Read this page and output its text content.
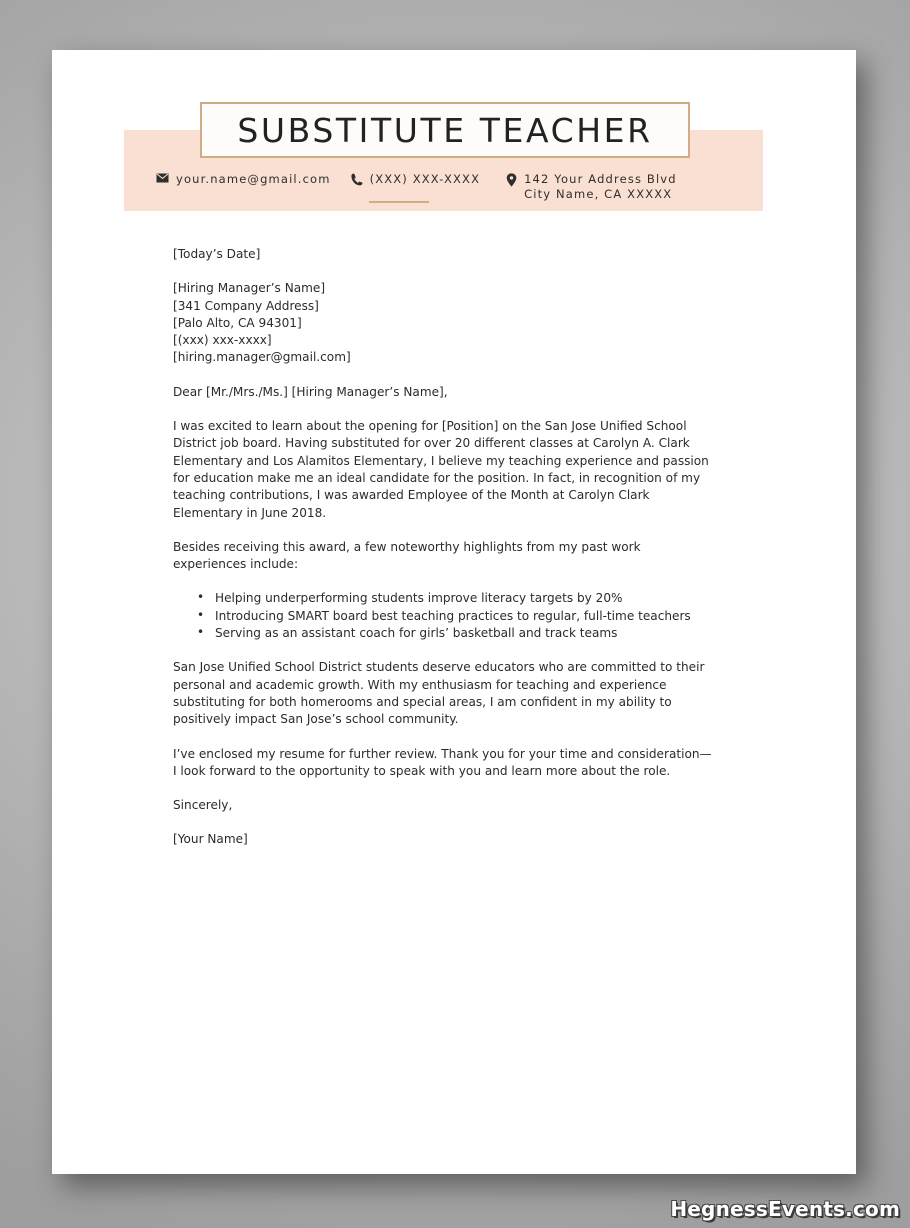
SUBSTITUTE TEACHER
your.name@gmail.com	(XXX) XXX-XXXX	142 Your Address Blvd
City Name, CA XXXXX

[Today’s Date]

[Hiring Manager’s Name]
[341 Company Address]
[Palo Alto, CA 94301]
[(xxx) xxx-xxxx]
[hiring.manager@gmail.com]

Dear [Mr./Mrs./Ms.] [Hiring Manager’s Name],

I was excited to learn about the opening for [Position] on the San Jose Unified School District job board. Having substituted for over 20 different classes at Carolyn A. Clark Elementary and Los Alamitos Elementary, I believe my teaching experience and passion for education make me an ideal candidate for the position. In fact, in recognition of my teaching contributions, I was awarded Employee of the Month at Carolyn Clark Elementary in June 2018.

Besides receiving this award, a few noteworthy highlights from my past work experiences include:

• Helping underperforming students improve literacy targets by 20%
• Introducing SMART board best teaching practices to regular, full-time teachers
• Serving as an assistant coach for girls’ basketball and track teams

San Jose Unified School District students deserve educators who are committed to their personal and academic growth. With my enthusiasm for teaching and experience substituting for both homerooms and special areas, I am confident in my ability to positively impact San Jose’s school community.

I’ve enclosed my resume for further review. Thank you for your time and consideration—I look forward to the opportunity to speak with you and learn more about the role.

Sincerely,

[Your Name]

HegnessEvents.com
